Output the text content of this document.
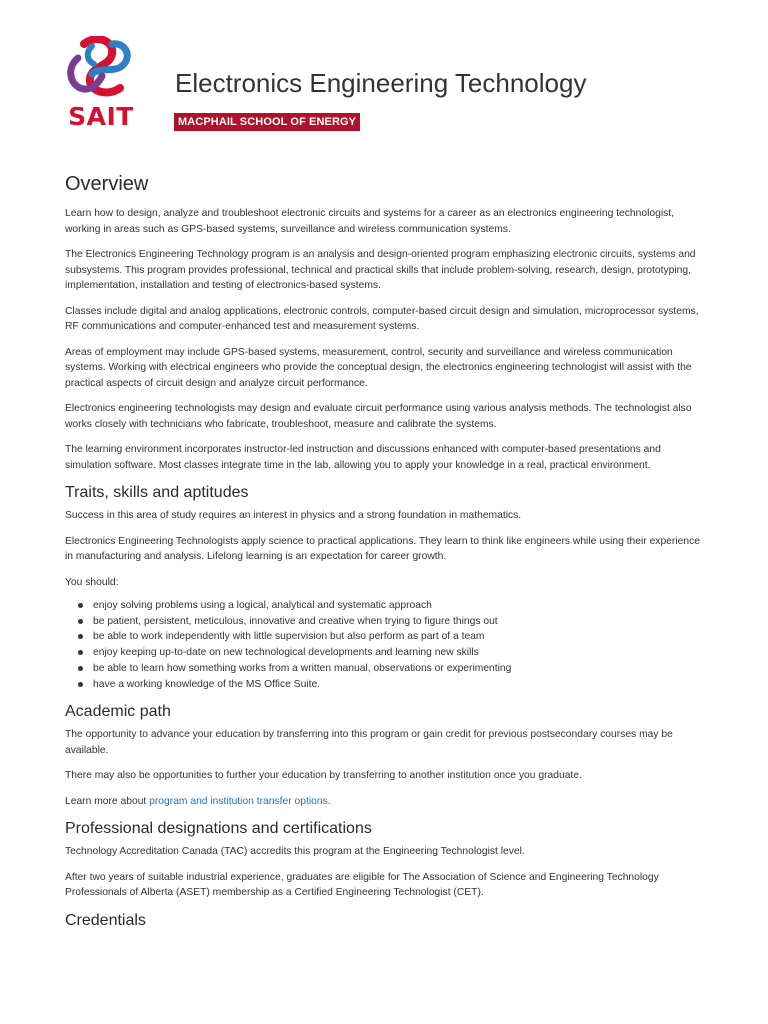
SAIT
Electronics Engineering Technology
MACPHAIL SCHOOL OF ENERGY
Overview

Learn how to design, analyze and troubleshoot electronic circuits and systems for a career as an electronics engineering technologist, working in areas such as GPS-based systems, surveillance and wireless communication systems.

The Electronics Engineering Technology program is an analysis and design-oriented program emphasizing electronic circuits, systems and subsystems. This program provides professional, technical and practical skills that include problem-solving, research, design, prototyping, implementation, installation and testing of electronics-based systems.

Classes include digital and analog applications, electronic controls, computer-based circuit design and simulation, microprocessor systems, RF communications and computer-enhanced test and measurement systems.

Areas of employment may include GPS-based systems, measurement, control, security and surveillance and wireless communication systems. Working with electrical engineers who provide the conceptual design, the electronics engineering technologist will assist with the practical aspects of circuit design and analyze circuit performance.

Electronics engineering technologists may design and evaluate circuit performance using various analysis methods. The technologist also works closely with technicians who fabricate, troubleshoot, measure and calibrate the systems.

The learning environment incorporates instructor-led instruction and discussions enhanced with computer-based presentations and simulation software. Most classes integrate time in the lab, allowing you to apply your knowledge in a real, practical environment.

Traits, skills and aptitudes

Success in this area of study requires an interest in physics and a strong foundation in mathematics.

Electronics Engineering Technologists apply science to practical applications. They learn to think like engineers while using their experience in manufacturing and analysis. Lifelong learning is an expectation for career growth.

You should:

enjoy solving problems using a logical, analytical and systematic approach
be patient, persistent, meticulous, innovative and creative when trying to figure things out
be able to work independently with little supervision but also perform as part of a team
enjoy keeping up-to-date on new technological developments and learning new skills
be able to learn how something works from a written manual, observations or experimenting
have a working knowledge of the MS Office Suite.
Academic path

The opportunity to advance your education by transferring into this program or gain credit for previous postsecondary courses may be available.

There may also be opportunities to further your education by transferring to another institution once you graduate.

Learn more about program and institution transfer options.

Professional designations and certifications

Technology Accreditation Canada (TAC) accredits this program at the Engineering Technologist level.

After two years of suitable industrial experience, graduates are eligible for The Association of Science and Engineering Technology Professionals of Alberta (ASET) membership as a Certified Engineering Technologist (CET).

Credentials
